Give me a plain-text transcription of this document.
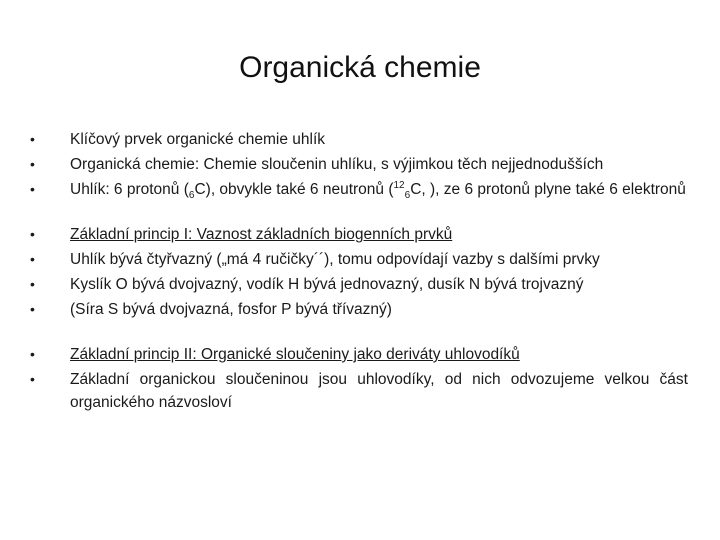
Organická chemie
•	Klíčový prvek organické chemie uhlík
•	Organická chemie: Chemie sloučenin uhlíku, s výjimkou těch nejjednodušších
•	Uhlík: 6 protonů $(_6C)$, obvykle také 6 neutronů ($^{12}_6$C, ), ze 6 protonů plyne také 6 elektronů
•	Základní princip I: Vaznost základních biogenních prvků
•	Uhlík bývá čtyřvazný („má 4 ručičky´´), tomu odpovídají vazby s dalšími prvky
•	Kyslík O bývá dvojvazný, vodík H bývá jednovazný, dusík N bývá trojvazný
•	(Síra S bývá dvojvazná, fosfor P bývá třívazný)
•	Základní princip II: Organické sloučeniny jako deriváty uhlovodíků
•	Základní organickou sloučeninou jsou uhlovodíky, od nich odvozujeme velkou část organického názvosloví
